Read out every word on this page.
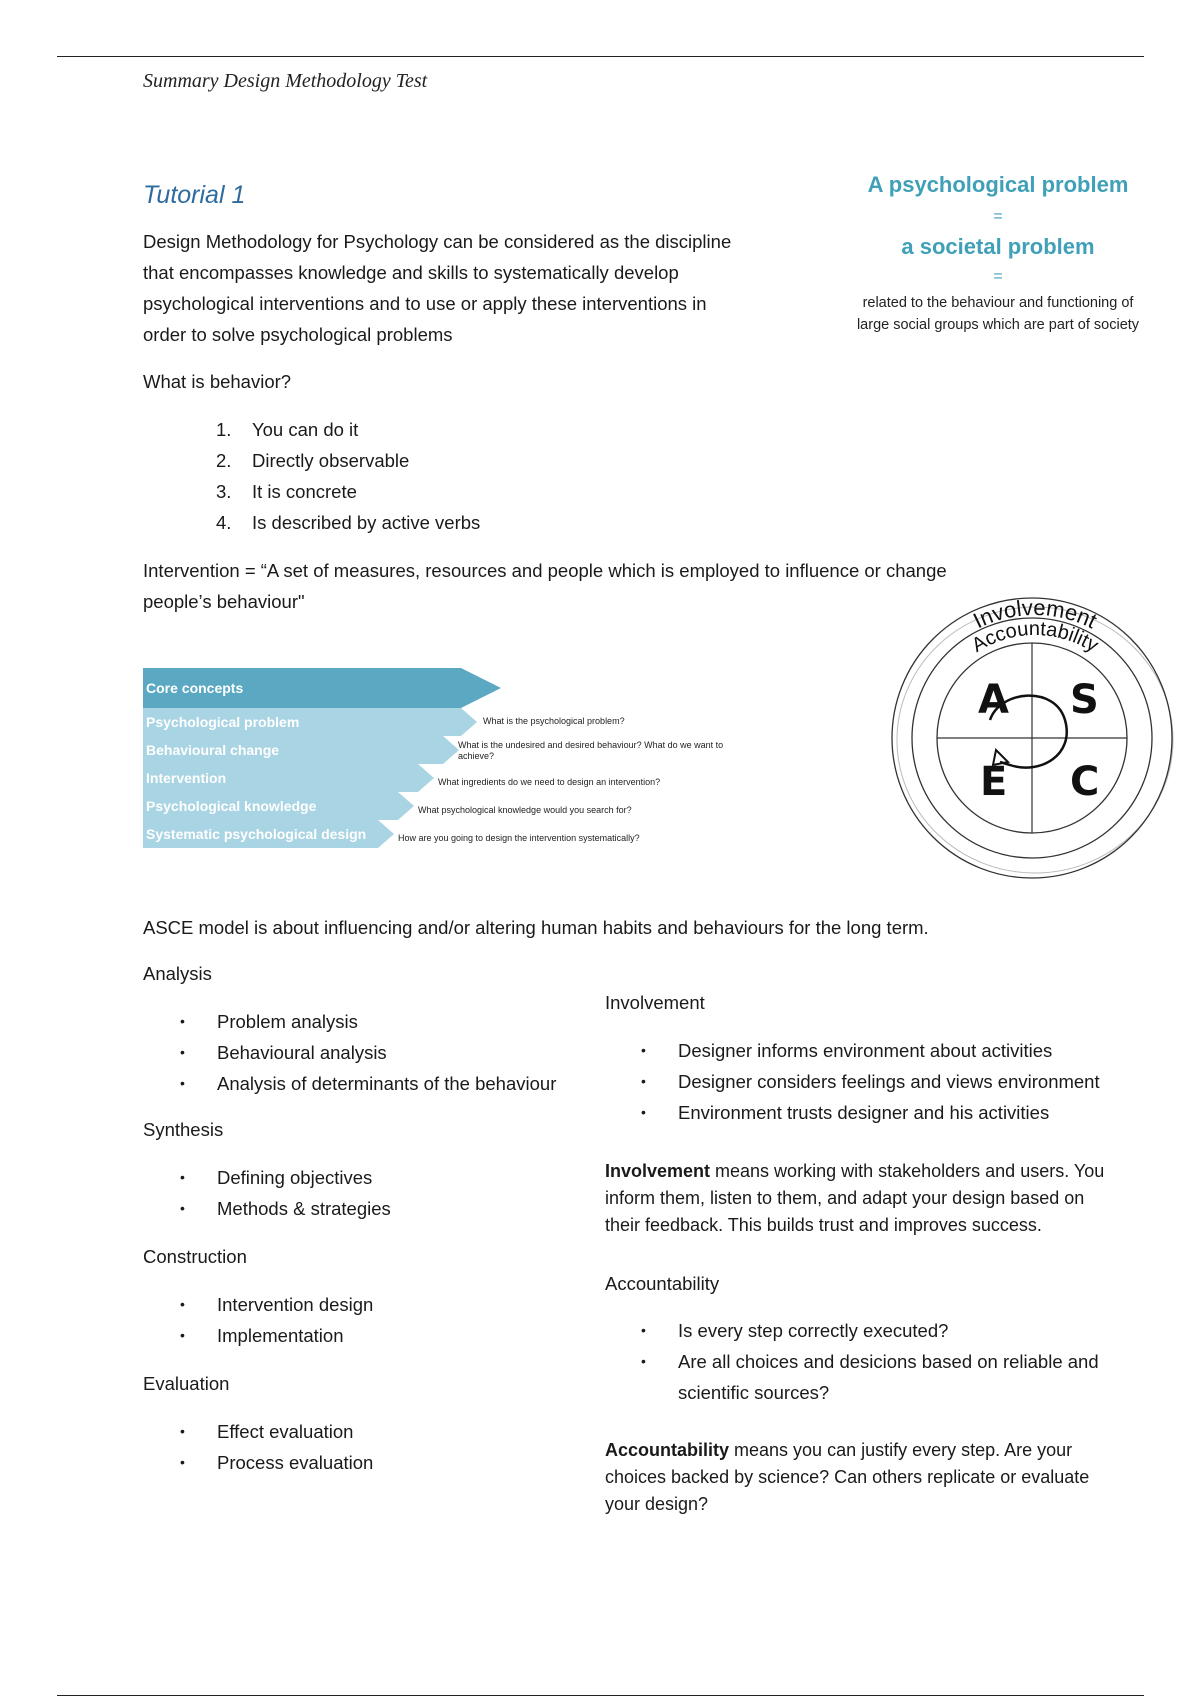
Summary Design Methodology Test
Tutorial 1
Design Methodology for Psychology can be considered as the discipline
that encompasses knowledge and skills to systematically develop
psychological interventions and to use or apply these interventions in
order to solve psychological problems
A psychological problem
=
a societal problem
=
related to the behaviour and functioning of
large social groups which are part of society
What is behavior?
1. You can do it
2. Directly observable
3. It is concrete
4. Is described by active verbs
Intervention = “A set of measures, resources and people which is employed to influence or change
people’s behaviour"
Core concepts
Psychological problem
Behavioural change
Intervention
Psychological knowledge
Systematic psychological design
What is the psychological problem?
What is the undesired and desired behaviour? What do we want to achieve?
What ingredients do we need to design an intervention?
What psychological knowledge would you search for?
How are you going to design the intervention systematically?
Involvement
Accountability
A S
E C
ASCE model is about influencing and/or altering human habits and behaviours for the long term.
Analysis
• Problem analysis
• Behavioural analysis
• Analysis of determinants of the behaviour
Synthesis
• Defining objectives
• Methods & strategies
Construction
• Intervention design
• Implementation
Evaluation
• Effect evaluation
• Process evaluation
Involvement
• Designer informs environment about activities
• Designer considers feelings and views environment
• Environment trusts designer and his activities
Involvement means working with stakeholders and users. You
inform them, listen to them, and adapt your design based on
their feedback. This builds trust and improves success.
Accountability
• Is every step correctly executed?
• Are all choices and desicions based on reliable and
scientific sources?
Accountability means you can justify every step. Are your
choices backed by science? Can others replicate or evaluate
your design?
